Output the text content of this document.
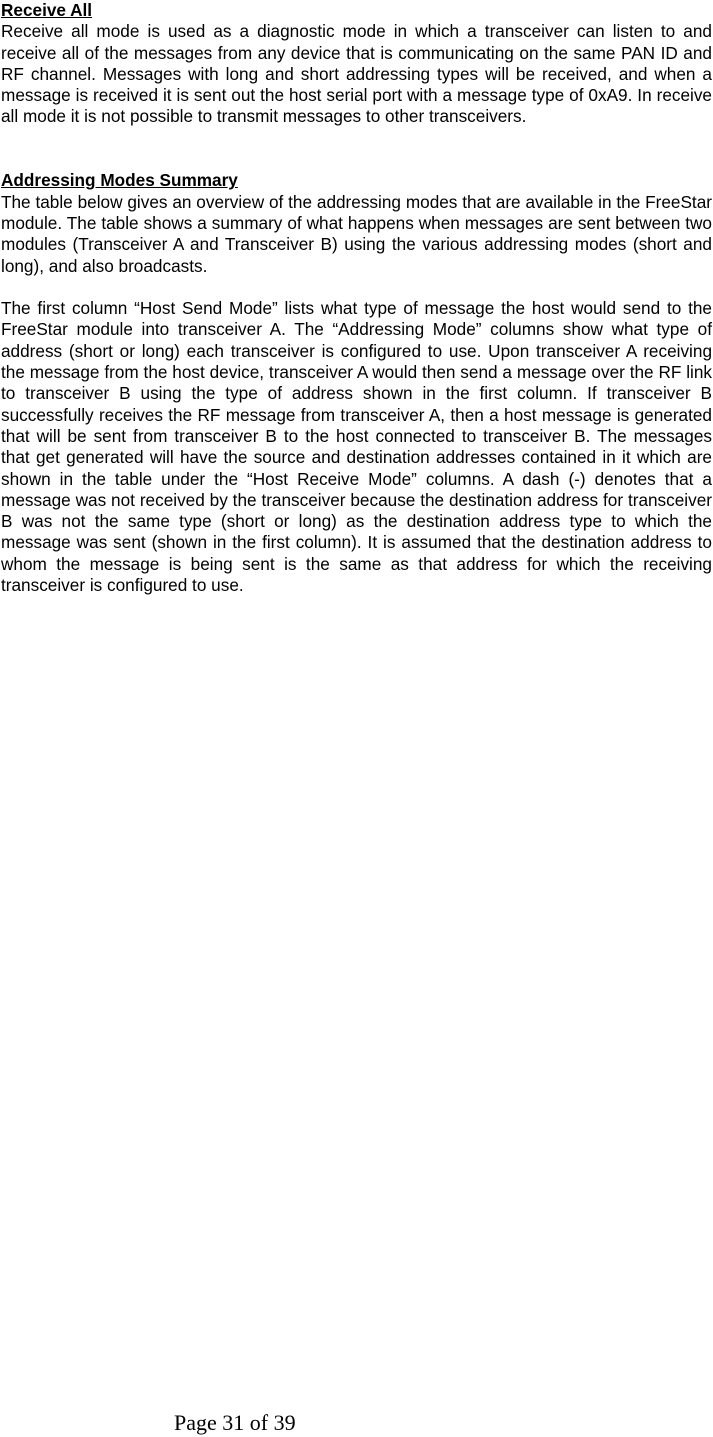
Receive All

Receive all mode is used as a diagnostic mode in which a transceiver can listen to and receive all of the messages from any device that is communicating on the same PAN ID and RF channel. Messages with long and short addressing types will be received, and when a message is received it is sent out the host serial port with a message type of 0xA9. In receive all mode it is not possible to transmit messages to other transceivers.

Addressing Modes Summary

The table below gives an overview of the addressing modes that are available in the FreeStar module. The table shows a summary of what happens when messages are sent between two modules (Transceiver A and Transceiver B) using the various addressing modes (short and long), and also broadcasts.

The first column “Host Send Mode” lists what type of message the host would send to the FreeStar module into transceiver A. The “Addressing Mode” columns show what type of address (short or long) each transceiver is configured to use. Upon transceiver A receiving the message from the host device, transceiver A would then send a message over the RF link to transceiver B using the type of address shown in the first column. If transceiver B successfully receives the RF message from transceiver A, then a host message is generated that will be sent from transceiver B to the host connected to transceiver B. The messages that get generated will have the source and destination addresses contained in it which are shown in the table under the “Host Receive Mode” columns. A dash (-) denotes that a message was not received by the transceiver because the destination address for transceiver B was not the same type (short or long) as the destination address type to which the message was sent (shown in the first column). It is assumed that the destination address to whom the message is being sent is the same as that address for which the receiving transceiver is configured to use.

Page 31 of 39
